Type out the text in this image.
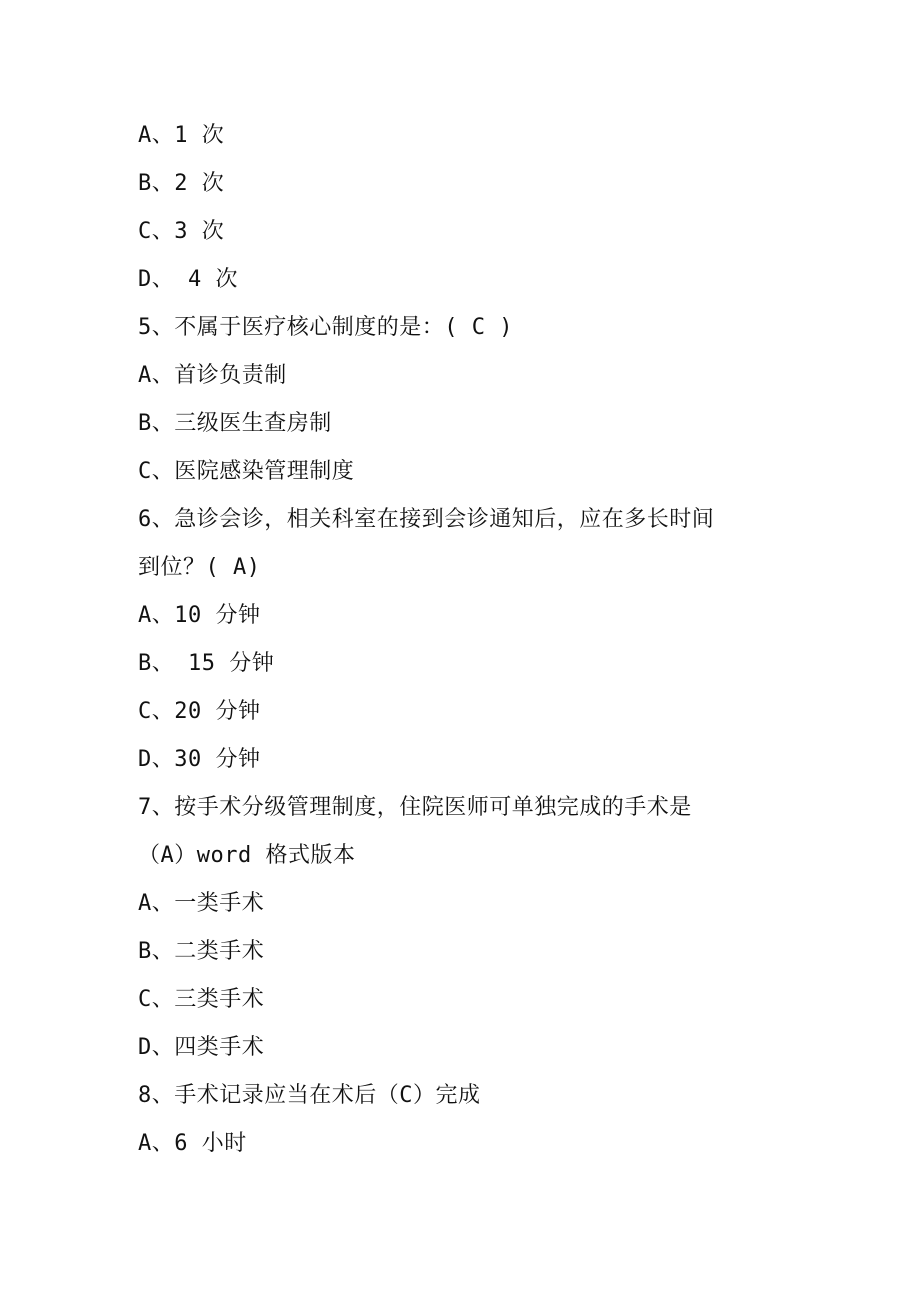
A、1 次
B、2 次
C、3 次
D、 4 次
5、不属于医疗核心制度的是：( C )
A、首诊负责制
B、三级医生查房制
C、医院感染管理制度
6、急诊会诊，相关科室在接到会诊通知后，应在多长时间
到位？( A)
A、10 分钟
B、 15 分钟
C、20 分钟
D、30 分钟
7、按手术分级管理制度，住院医师可单独完成的手术是
（A）word 格式版本
A、一类手术
B、二类手术
C、三类手术
D、四类手术
8、手术记录应当在术后（C）完成
A、6 小时
